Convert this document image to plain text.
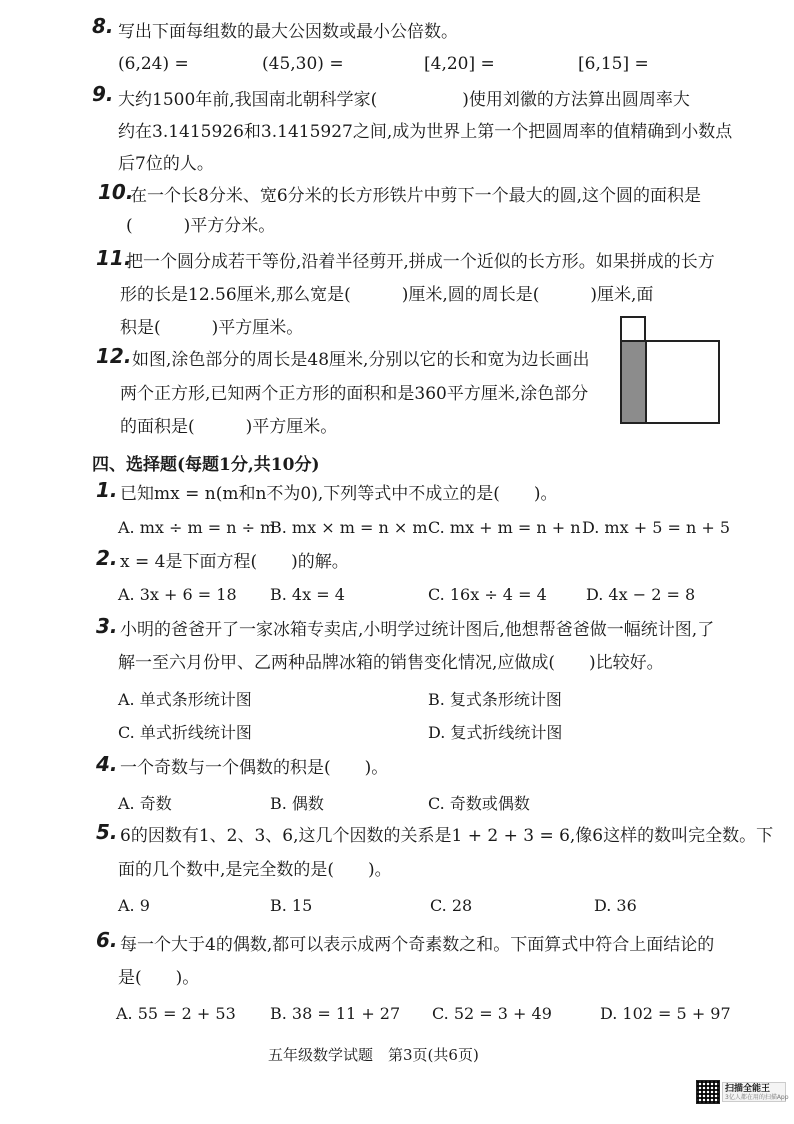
8. 写出下面每组数的最大公因数或最小公倍数。
(6,24) =	(45,30) =	[4,20] =	[6,15] =
9. 大约1500年前,我国南北朝科学家(　　　　　)使用刘徽的方法算出圆周率大
约在3.1415926和3.1415927之间,成为世界上第一个把圆周率的值精确到小数点
后7位的人。
10.
在一个长8分米、宽6分米的长方形铁片中剪下一个最大的圆,这个圆的面积是
(　　　)平方分米。
11.
把一个圆分成若干等份,沿着半径剪开,拼成一个近似的长方形。如果拼成的长方
形的长是12.56厘米,那么宽是(　　　)厘米,圆的周长是(　　　)厘米,面
积是(　　　)平方厘米。
12. 如图,涂色部分的周长是48厘米,分别以它的长和宽为边长画出
两个正方形,已知两个正方形的面积和是360平方厘米,涂色部分
的面积是(　　　)平方厘米。
四、选择题(每题1分,共10分)
1. 已知mx = n(m和n不为0),下列等式中不成立的是(　　)。
A. mx ÷ m = n ÷ m
B. mx × m = n × m C. mx + m = n + n D. mx + 5 = n + 5
2. x = 4是下面方程(　　)的解。
A. 3x + 6 = 18 B. 4x = 4	C. 16x ÷ 4 = 4 D. 4x − 2 = 8
3. 小明的爸爸开了一家冰箱专卖店,小明学过统计图后,他想帮爸爸做一幅统计图,了
解一至六月份甲、乙两种品牌冰箱的销售变化情况,应做成(　　)比较好。
A. 单式条形统计图	B. 复式条形统计图
C. 单式折线统计图	D. 复式折线统计图
4. 一个奇数与一个偶数的积是(　　)。
A. 奇数	B. 偶数	C. 奇数或偶数
5. 6的因数有1、2、3、6,这几个因数的关系是1 + 2 + 3 = 6,像6这样的数叫完全数。下
面的几个数中,是完全数的是(　　)。
A. 9	B. 15	C. 28	D. 36
6. 每一个大于4的偶数,都可以表示成两个奇素数之和。下面算式中符合上面结论的
是(　　)。
A. 55 = 2 + 53 B. 38 = 11 + 27 C. 52 = 3 + 49	D. 102 = 5 + 97
五年级数学试题　第3页(共6页)
扫描全能王
3亿人都在用的扫描App
